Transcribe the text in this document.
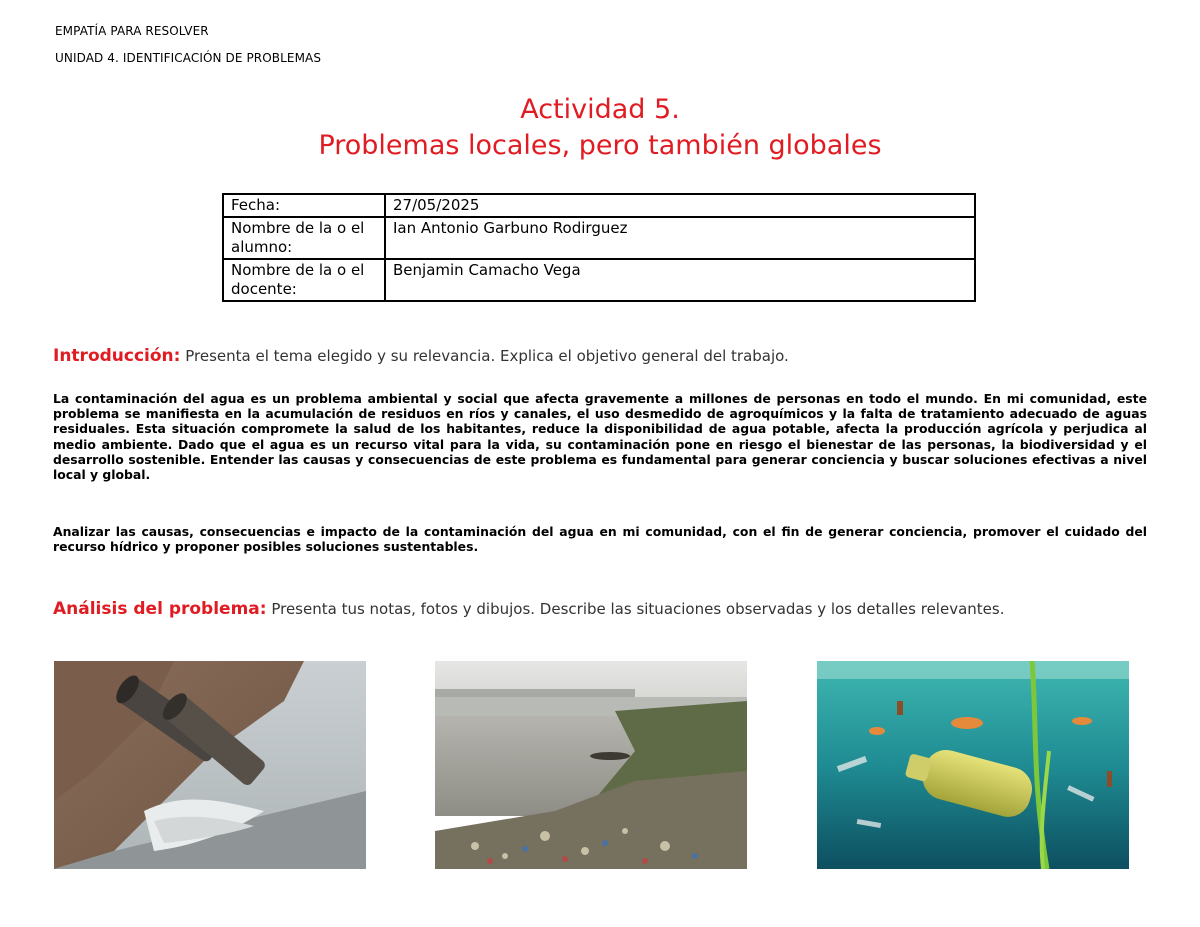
EMPATÍA PARA RESOLVER
UNIDAD 4. IDENTIFICACIÓN DE PROBLEMAS
Actividad 5.
Problemas locales, pero también globales
Fecha:	27/05/2025
Nombre de la o el alumno:	Ian Antonio Garbuno Rodirguez
Nombre de la o el docente:	Benjamin Camacho Vega
Introducción: Presenta el tema elegido y su relevancia. Explica el objetivo general del trabajo.
La contaminación del agua es un problema ambiental y social que afecta gravemente a millones de personas en todo el mundo. En mi comunidad, este problema se manifiesta en la acumulación de residuos en ríos y canales, el uso desmedido de agroquímicos y la falta de tratamiento adecuado de aguas residuales. Esta situación compromete la salud de los habitantes, reduce la disponibilidad de agua potable, afecta la producción agrícola y perjudica al medio ambiente. Dado que el agua es un recurso vital para la vida, su contaminación pone en riesgo el bienestar de las personas, la biodiversidad y el desarrollo sostenible. Entender las causas y consecuencias de este problema es fundamental para generar conciencia y buscar soluciones efectivas a nivel local y global.
Analizar las causas, consecuencias e impacto de la contaminación del agua en mi comunidad, con el fin de generar conciencia, promover el cuidado del recurso hídrico y proponer posibles soluciones sustentables.
Análisis del problema: Presenta tus notas, fotos y dibujos. Describe las situaciones observadas y los detalles relevantes.
